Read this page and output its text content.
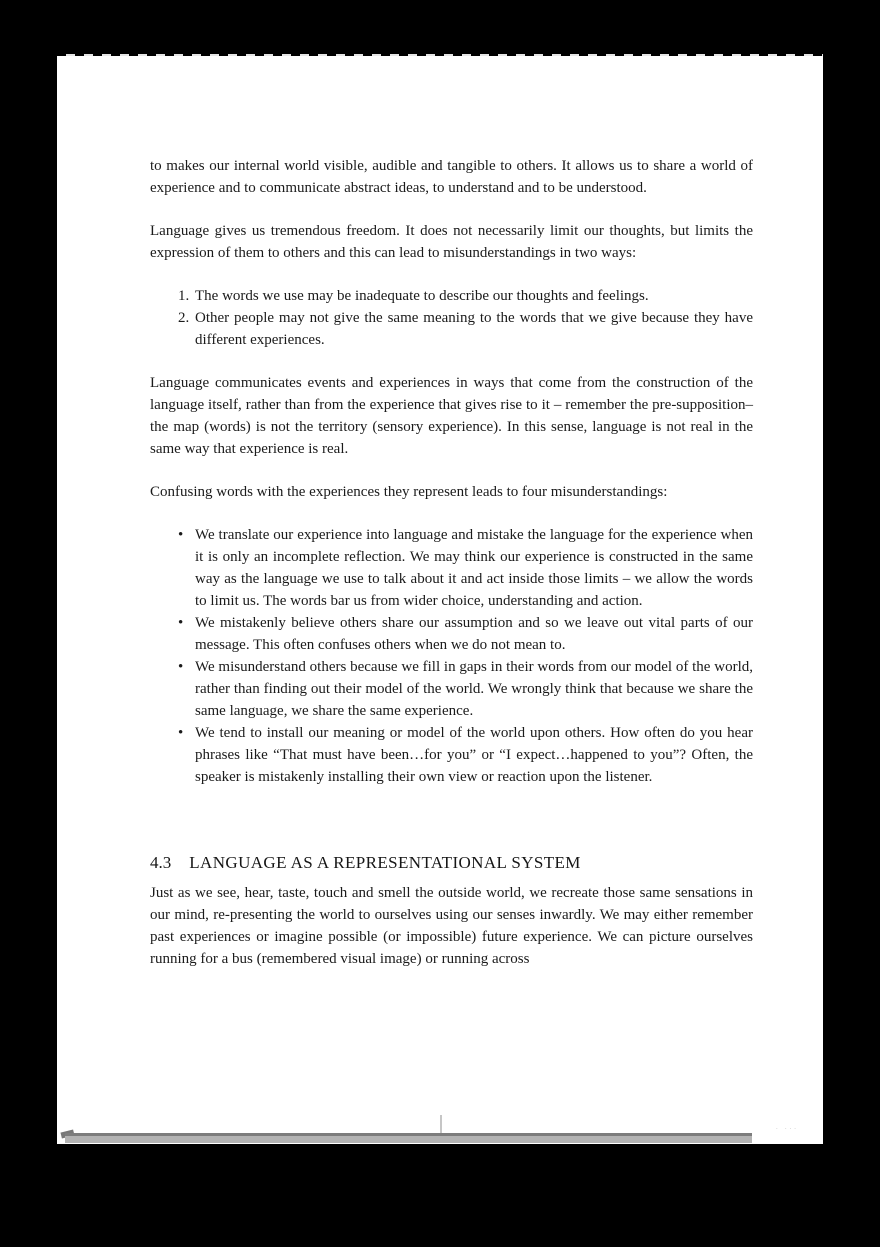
to makes our internal world visible, audible and tangible to others. It allows us to share a world of experience and to communicate abstract ideas, to understand and to be understood.

Language gives us tremendous freedom. It does not necessarily limit our thoughts, but limits the expression of them to others and this can lead to misunderstandings in two ways:

1. The words we use may be inadequate to describe our thoughts and feelings.
2. Other people may not give the same meaning to the words that we give because they have different experiences.

Language communicates events and experiences in ways that come from the construction of the language itself, rather than from the experience that gives rise to it – remember the pre-supposition– the map (words) is not the territory (sensory experience). In this sense, language is not real in the same way that experience is real.

Confusing words with the experiences they represent leads to four misunderstandings:

• We translate our experience into language and mistake the language for the experience when it is only an incomplete reflection. We may think our experience is constructed in the same way as the language we use to talk about it and act inside those limits – we allow the words to limit us. The words bar us from wider choice, understanding and action.
• We mistakenly believe others share our assumption and so we leave out vital parts of our message. This often confuses others when we do not mean to.
• We misunderstand others because we fill in gaps in their words from our model of the world, rather than finding out their model of the world. We wrongly think that because we share the same language, we share the same experience.
• We tend to install our meaning or model of the world upon others. How often do you hear phrases like “That must have been…for you” or “I expect…happened to you”? Often, the speaker is mistakenly installing their own view or reaction upon the listener.
4.3 LANGUAGE AS A REPRESENTATIONAL SYSTEM

Just as we see, hear, taste, touch and smell the outside world, we recreate those same sensations in our mind, re-presenting the world to ourselves using our senses inwardly. We may either remember past experiences or imagine possible (or impossible) future experience. We can picture ourselves running for a bus (remembered visual image) or running across

· ···
